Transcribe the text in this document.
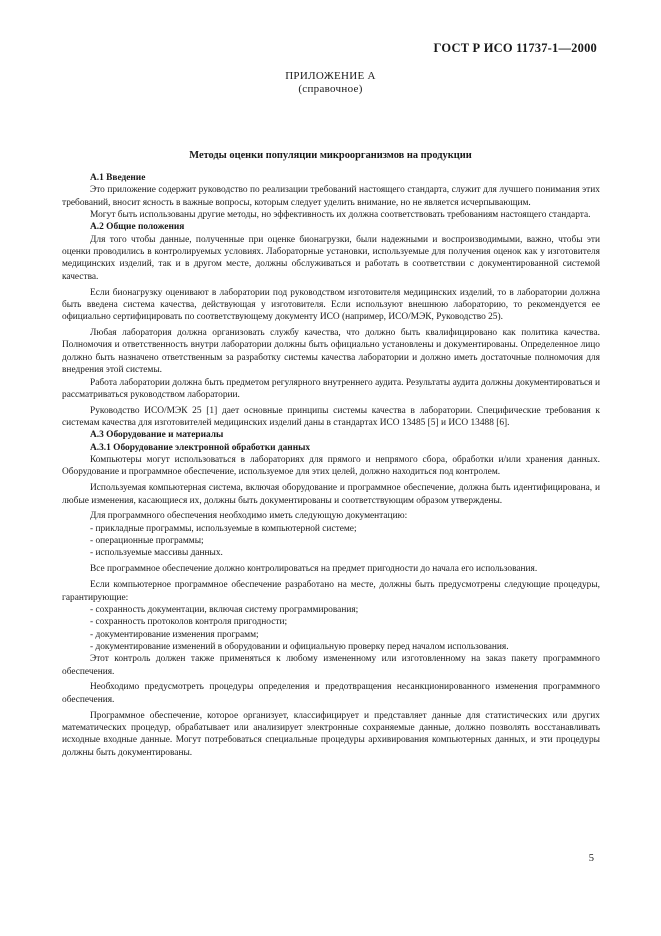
ГОСТ Р ИСО 11737-1—2000
ПРИЛОЖЕНИЕ А
(справочное)
Методы оценки популяции микроорганизмов на продукции
А.1 Введение

Это приложение содержит руководство по реализации требований настоящего стандарта, служит для лучшего понимания этих требований, вносит ясность в важные вопросы, которым следует уделить внимание, но не является исчерпывающим.

Могут быть использованы другие методы, но эффективность их должна соответствовать требованиям настоящего стандарта.

А.2 Общие положения

Для того чтобы данные, полученные при оценке бионагрузки, были надежными и воспроизводимыми, важно, чтобы эти оценки проводились в контролируемых условиях. Лабораторные установки, используемые для получения оценок как у изготовителя медицинских изделий, так и в другом месте, должны обслуживаться и работать в соответствии с документированной системой качества.

Если бионагрузку оценивают в лаборатории под руководством изготовителя медицинских изделий, то в лаборатории должна быть введена система качества, действующая у изготовителя. Если используют внешнюю лабораторию, то рекомендуется ее официально сертифицировать по соответствующему документу ИСО (например, ИСО/МЭК, Руководство 25).

Любая лаборатория должна организовать службу качества, что должно быть квалифицировано как политика качества. Полномочия и ответственность внутри лаборатории должны быть официально установлены и документированы. Определенное лицо должно быть назначено ответственным за разработку системы качества лаборатории и должно иметь достаточные полномочия для внедрения этой системы.

Работа лаборатории должна быть предметом регулярного внутреннего аудита. Результаты аудита должны документироваться и рассматриваться руководством лаборатории.

Руководство ИСО/МЭК 25 [1] дает основные принципы системы качества в лаборатории. Специфические требования к системам качества для изготовителей медицинских изделий даны в стандартах ИСО 13485 [5] и ИСО 13488 [6].

А.3 Оборудование и материалы
А.3.1 Оборудование электронной обработки данных

Компьютеры могут использоваться в лабораториях для прямого и непрямого сбора, обработки и/или хранения данных. Оборудование и программное обеспечение, используемое для этих целей, должно находиться под контролем.

Используемая компьютерная система, включая оборудование и программное обеспечение, должна быть идентифицирована, и любые изменения, касающиеся их, должны быть документированы и соответствующим образом утверждены.

Для программного обеспечения необходимо иметь следующую документацию:

- прикладные программы, используемые в компьютерной системе;

- операционные программы;

- используемые массивы данных.

Все программное обеспечение должно контролироваться на предмет пригодности до начала его использования.

Если компьютерное программное обеспечение разработано на месте, должны быть предусмотрены следующие процедуры, гарантирующие:

- сохранность документации, включая систему программирования;

- сохранность протоколов контроля пригодности;

- документирование изменения программ;

- документирование изменений в оборудовании и официальную проверку перед началом использования.

Этот контроль должен также применяться к любому измененному или изготовленному на заказ пакету программного обеспечения.

Необходимо предусмотреть процедуры определения и предотвращения несанкционированного изменения программного обеспечения.

Программное обеспечение, которое организует, классифицирует и представляет данные для статистических или других математических процедур, обрабатывает или анализирует электронные сохраняемые данные, должно позволять восстанавливать исходные входные данные. Могут потребоваться специальные процедуры архивирования компьютерных данных, и эти процедуры должны быть документированы.

5
